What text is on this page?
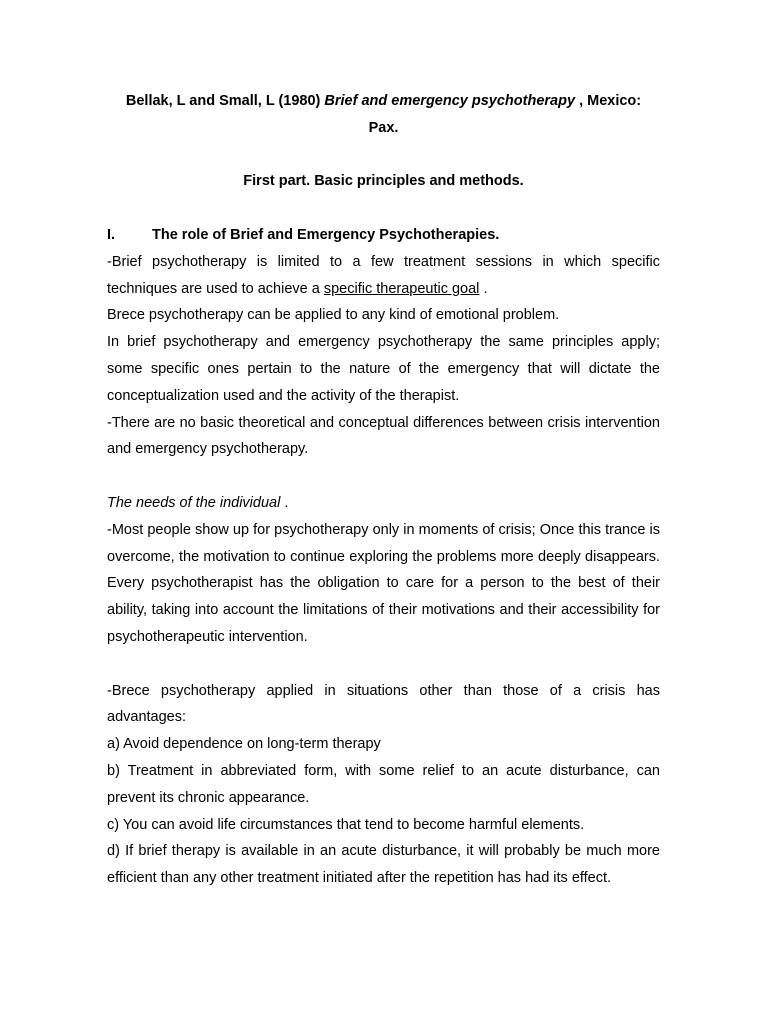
Bellak, L and Small, L (1980) Brief and emergency psychotherapy , Mexico:
Pax.

First part. Basic principles and methods.

I.	The role of Brief and Emergency Psychotherapies.

-Brief psychotherapy is limited to a few treatment sessions in which specific techniques are used to achieve a specific therapeutic goal .

Brece psychotherapy can be applied to any kind of emotional problem.

In brief psychotherapy and emergency psychotherapy the same principles apply; some specific ones pertain to the nature of the emergency that will dictate the conceptualization used and the activity of the therapist.

-There are no basic theoretical and conceptual differences between crisis intervention and emergency psychotherapy.

The needs of the individual .

-Most people show up for psychotherapy only in moments of crisis; Once this trance is overcome, the motivation to continue exploring the problems more deeply disappears. Every psychotherapist has the obligation to care for a person to the best of their ability, taking into account the limitations of their motivations and their accessibility for psychotherapeutic intervention.

-Brece psychotherapy applied in situations other than those of a crisis has advantages:

a) Avoid dependence on long-term therapy

b) Treatment in abbreviated form, with some relief to an acute disturbance, can prevent its chronic appearance.

c) You can avoid life circumstances that tend to become harmful elements.

d) If brief therapy is available in an acute disturbance, it will probably be much more efficient than any other treatment initiated after the repetition has had its effect.
